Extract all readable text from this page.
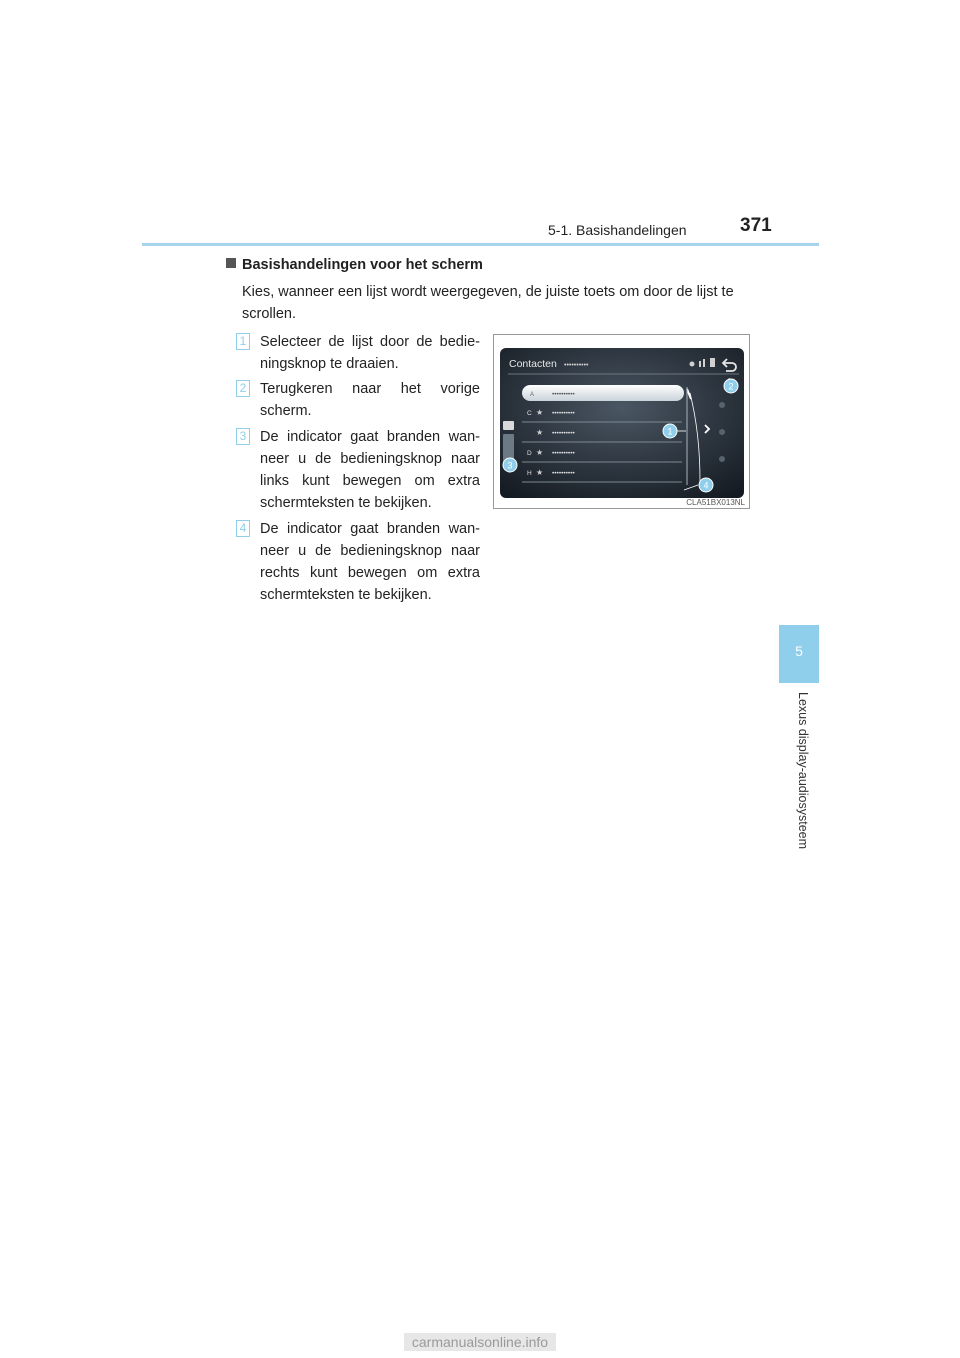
5-1. Basishandelingen	371
5
Lexus display-audiosysteem
Basishandelingen voor het scherm
Kies, wanneer een lijst wordt weergegeven, de juiste toets om door de lijst te scrollen.
1 Selecteer de lijst door de bedie-ningsknop te draaien.
2 Terugkeren naar het vorige scherm.
3 De indicator gaat branden wan-neer u de bedieningsknop naar links kunt bewegen om extra schermteksten te bekijken.
4 De indicator gaat branden wan-neer u de bedieningsknop naar rechts kunt bewegen om extra schermteksten te bekijken.
Contacten ••••••••••
A	••••••••••
C ★ ••••••••••
★ ••••••••••
D ★ ••••••••••
H ★ ••••••••••
1
2
3
4
CLA51BX013NL
carmanualsonline.info
